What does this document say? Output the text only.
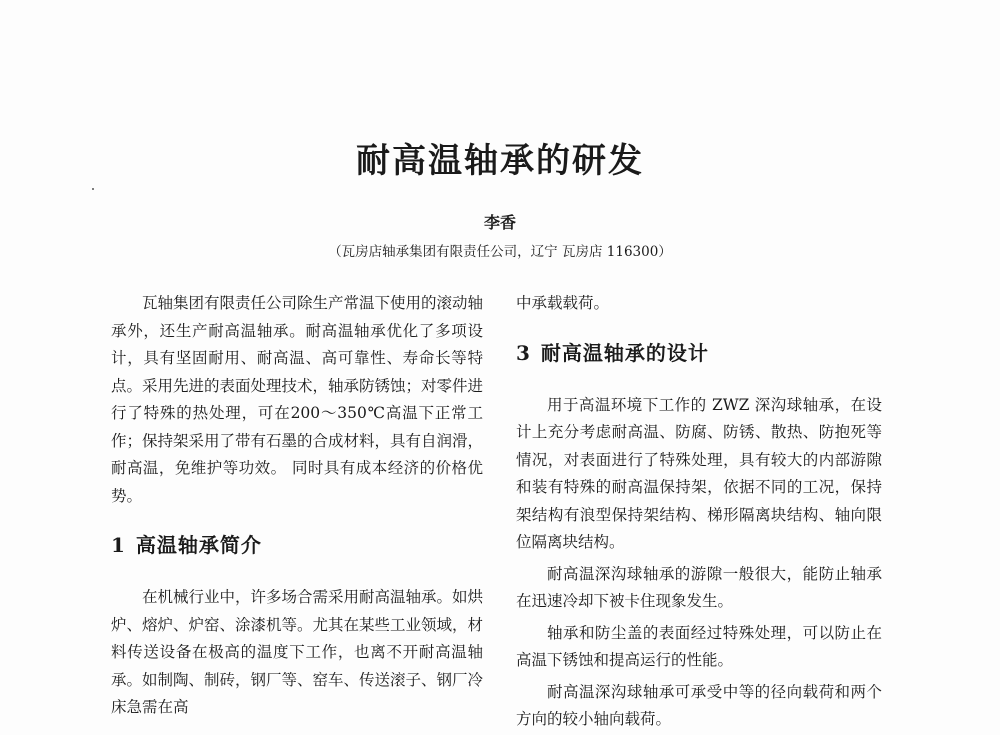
耐高温轴承的研发
李香
（瓦房店轴承集团有限责任公司，辽宁 瓦房店 116300）

瓦轴集团有限责任公司除生产常温下使用的滚动轴承外，还生产耐高温轴承。耐高温轴承优化了多项设计，具有坚固耐用、耐高温、高可靠性、寿命长等特点。采用先进的表面处理技术，轴承防锈蚀；对零件进行了特殊的热处理，可在200～350℃高温下正常工作；保持架采用了带有石墨的合成材料，具有自润滑，耐高温，免维护等功效。 同时具有成本经济的价格优势。

1 高温轴承简介

在机械行业中，许多场合需采用耐高温轴承。如烘炉、熔炉、炉窑、涂漆机等。尤其在某些工业领域，材料传送设备在极高的温度下工作，也离不开耐高温轴承。如制陶、制砖，钢厂等、窑车、传送滚子、钢厂冷床急需在高

中承载载荷。

3 耐高温轴承的设计

用于高温环境下工作的 ZWZ 深沟球轴承，在设计上充分考虑耐高温、防腐、防锈、散热、防抱死等情况，对表面进行了特殊处理，具有较大的内部游隙和装有特殊的耐高温保持架，依据不同的工况，保持架结构有浪型保持架结构、梯形隔离块结构、轴向限位隔离块结构。

耐高温深沟球轴承的游隙一般很大，能防止轴承在迅速冷却下被卡住现象发生。

轴承和防尘盖的表面经过特殊处理，可以防止在高温下锈蚀和提高运行的性能。

耐高温深沟球轴承可承受中等的径向载荷和两个方向的较小轴向载荷。
